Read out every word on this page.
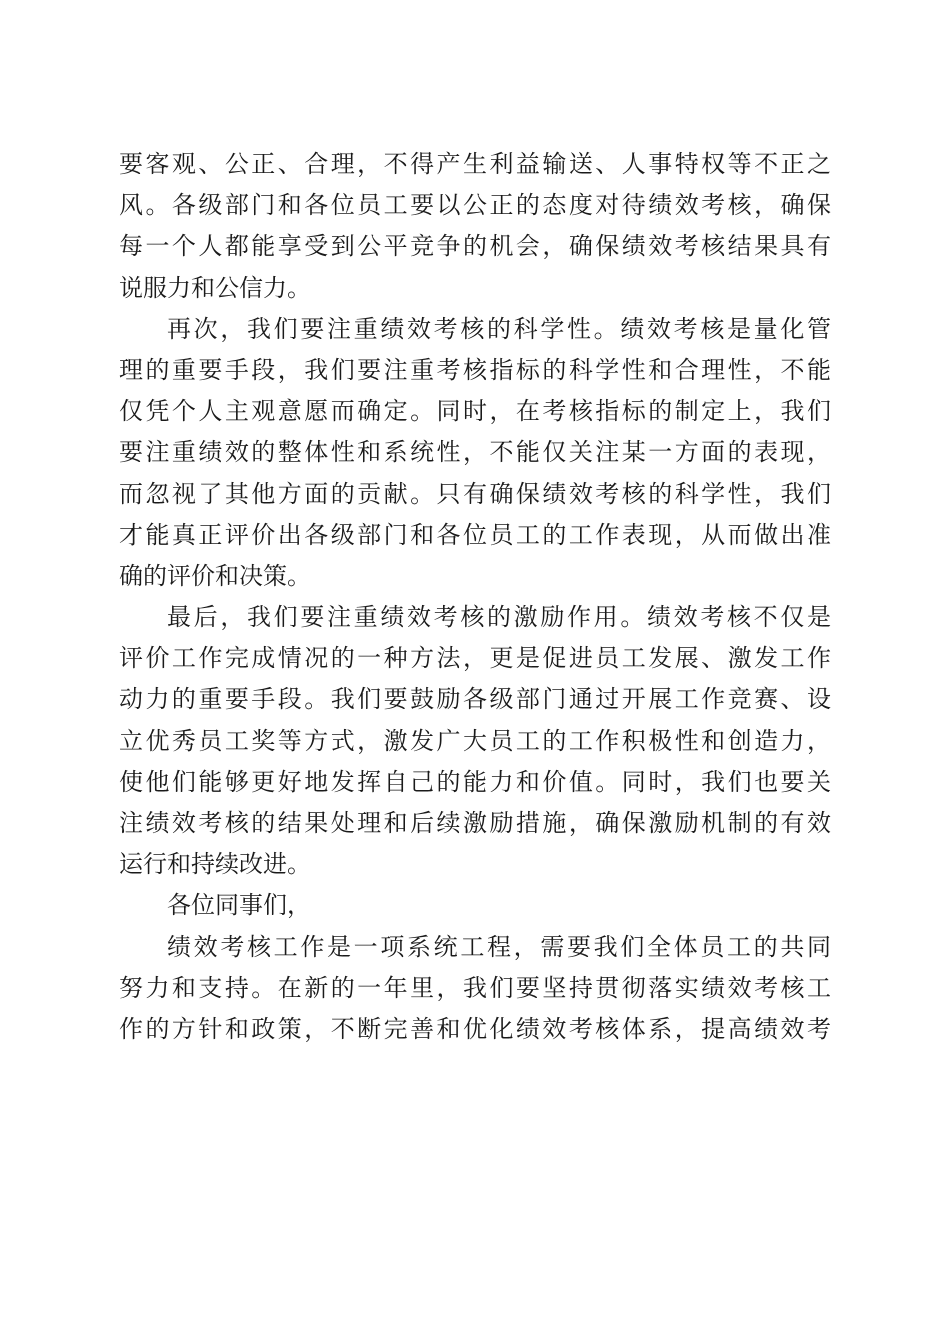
要客观、公正、合理，不得产生利益输送、人事特权等不正之
风。各级部门和各位员工要以公正的态度对待绩效考核，确保
每一个人都能享受到公平竞争的机会，确保绩效考核结果具有
说服力和公信力。
再次，我们要注重绩效考核的科学性。绩效考核是量化管
理的重要手段，我们要注重考核指标的科学性和合理性，不能
仅凭个人主观意愿而确定。同时，在考核指标的制定上，我们
要注重绩效的整体性和系统性，不能仅关注某一方面的表现，
而忽视了其他方面的贡献。只有确保绩效考核的科学性，我们
才能真正评价出各级部门和各位员工的工作表现，从而做出准
确的评价和决策。
最后，我们要注重绩效考核的激励作用。绩效考核不仅是
评价工作完成情况的一种方法，更是促进员工发展、激发工作
动力的重要手段。我们要鼓励各级部门通过开展工作竞赛、设
立优秀员工奖等方式，激发广大员工的工作积极性和创造力，
使他们能够更好地发挥自己的能力和价值。同时，我们也要关
注绩效考核的结果处理和后续激励措施，确保激励机制的有效
运行和持续改进。
各位同事们，
绩效考核工作是一项系统工程，需要我们全体员工的共同
努力和支持。在新的一年里，我们要坚持贯彻落实绩效考核工
作的方针和政策，不断完善和优化绩效考核体系，提高绩效考
